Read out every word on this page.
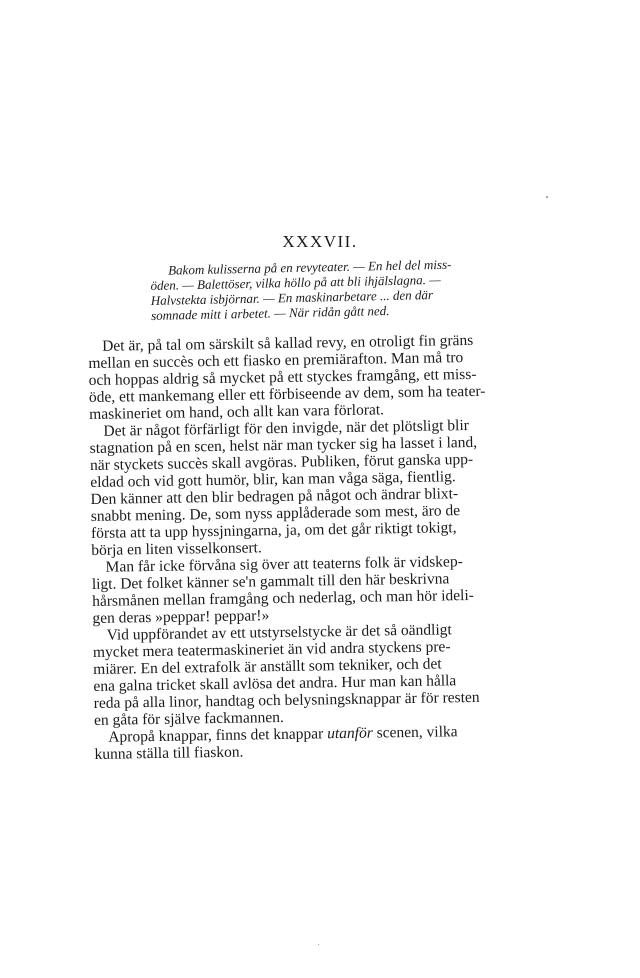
XXXVII.
Bakom kulisserna på en revyteater. — En hel del miss-
öden. — Balettöser, vilka höllo på att bli ihjälslagna. —
Halvstekta isbjörnar. — En maskinarbetare ... den där
somnade mitt i arbetet. — När ridån gått ned.

Det är, på tal om särskilt så kallad revy, en otroligt fin gräns
mellan en succès och ett fiasko en premiärafton. Man må tro
och hoppas aldrig så mycket på ett styckes framgång, ett miss-
öde, ett mankemang eller ett förbiseende av dem, som ha teater-
maskineriet om hand, och allt kan vara förlorat.

Det är något förfärligt för den invigde, när det plötsligt blir
stagnation på en scen, helst när man tycker sig ha lasset i land,
när styckets succès skall avgöras. Publiken, förut ganska upp-
eldad och vid gott humör, blir, kan man våga säga, fientlig.
Den känner att den blir bedragen på något och ändrar blixt-
snabbt mening. De, som nyss applåderade som mest, äro de
första att ta upp hyssjningarna, ja, om det går riktigt tokigt,
börja en liten visselkonsert.

Man får icke förvåna sig över att teaterns folk är vidskep-
ligt. Det folket känner se'n gammalt till den här beskrivna
hårsmånen mellan framgång och nederlag, och man hör ideli-
gen deras »peppar! peppar!»

Vid uppförandet av ett utstyrselstycke är det så oändligt
mycket mera teatermaskineriet än vid andra styckens pre-
miärer. En del extrafolk är anställt som tekniker, och det
ena galna tricket skall avlösa det andra. Hur man kan hålla
reda på alla linor, handtag och belysningsknappar är för resten
en gåta för själve fackmannen.

Apropå knappar, finns det knappar utanför scenen, vilka
kunna ställa till fiaskon.
